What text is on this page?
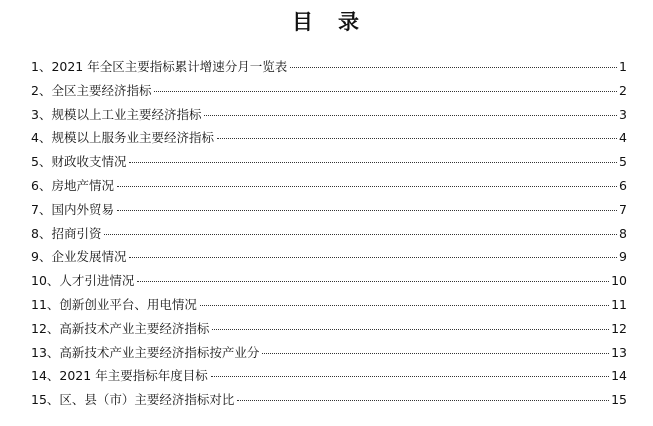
目　录
1、2021 年全区主要指标累计增速分月一览表	1
2、全区主要经济指标	2
3、规模以上工业主要经济指标	3
4、规模以上服务业主要经济指标	4
5、财政收支情况	5
6、房地产情况	6
7、国内外贸易	7
8、招商引资	8
9、企业发展情况	9
10、人才引进情况	10
11、创新创业平台、用电情况	11
12、高新技术产业主要经济指标	12
13、高新技术产业主要经济指标按产业分	13
14、2021 年主要指标年度目标	14
15、区、县（市）主要经济指标对比	15
